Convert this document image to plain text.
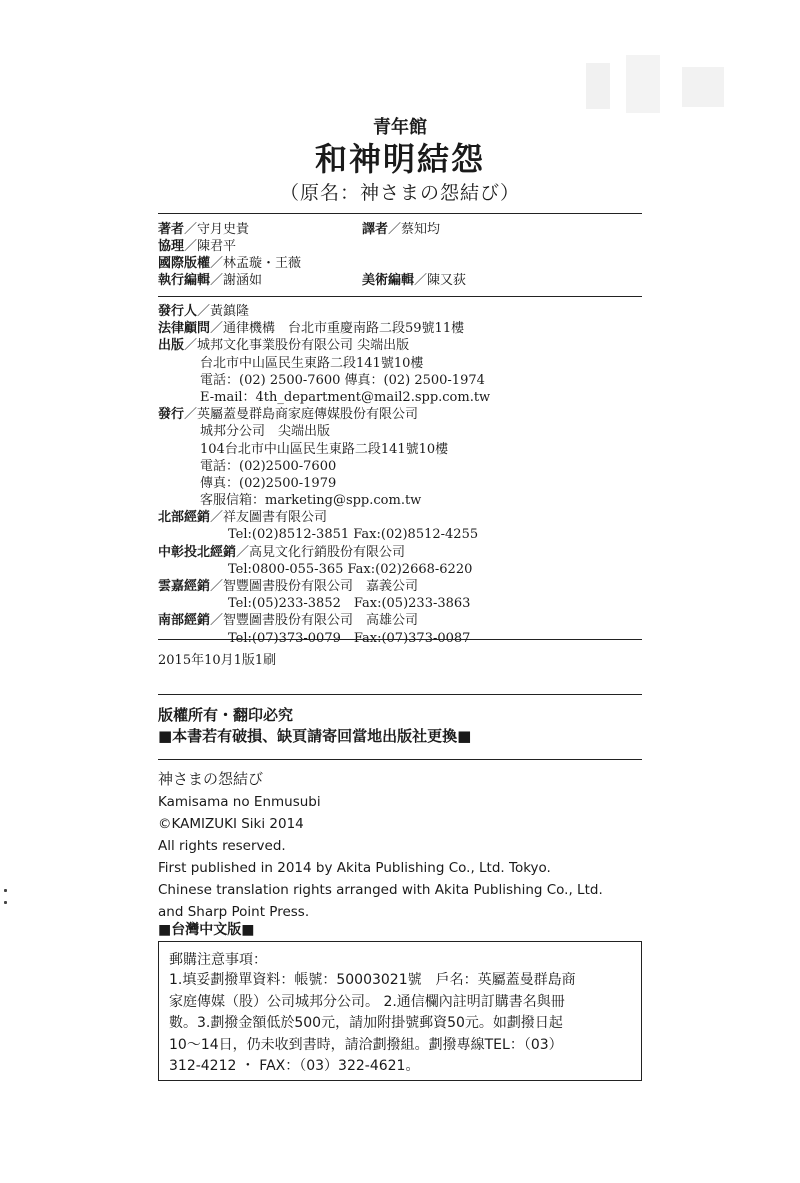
青年館
和神明結怨
（原名：神さまの怨結び）
著者／守月史貴	譯者／蔡知均
協理／陳君平
國際版權／林孟璇・王薇
執行編輯／謝涵如	美術編輯／陳又荻
發行人／黃鎮隆
法律顧問／通律機構　台北市重慶南路二段59號11樓
出版／城邦文化事業股份有限公司 尖端出版
台北市中山區民生東路二段141號10樓
電話：(02) 2500-7600 傳真：(02) 2500-1974
E-mail：4th_department@mail2.spp.com.tw
發行／英屬蓋曼群島商家庭傳媒股份有限公司
城邦分公司　尖端出版
104台北市中山區民生東路二段141號10樓
電話：(02)2500-7600
傳真：(02)2500-1979
客服信箱：marketing@spp.com.tw
北部經銷／祥友圖書有限公司
Tel:(02)8512-3851 Fax:(02)8512-4255
中彰投北經銷／高見文化行銷股份有限公司
Tel:0800-055-365 Fax:(02)2668-6220
雲嘉經銷／智豐圖書股份有限公司　嘉義公司
Tel:(05)233-3852　Fax:(05)233-3863
南部經銷／智豐圖書股份有限公司　高雄公司
Tel:(07)373-0079　Fax:(07)373-0087
2015年10月1版1刷
版權所有・翻印必究
■本書若有破損、缺頁請寄回當地出版社更換■
神さまの怨結び
Kamisama no Enmusubi
©KAMIZUKI Siki 2014
All rights reserved.
First published in 2014 by Akita Publishing Co., Ltd. Tokyo.
Chinese translation rights arranged with Akita Publishing Co., Ltd.
and Sharp Point Press.
■台灣中文版■
郵購注意事項：
1.填妥劃撥單資料：帳號：50003021號　戶名：英屬蓋曼群島商
家庭傳媒（股）公司城邦分公司。 2.通信欄內註明訂購書名與冊
數。3.劃撥金額低於500元，請加附掛號郵資50元。如劃撥日起
10～14日，仍未收到書時，請洽劃撥組。劃撥專線TEL：（03）
312-4212 ・ FAX：（03）322-4621。
